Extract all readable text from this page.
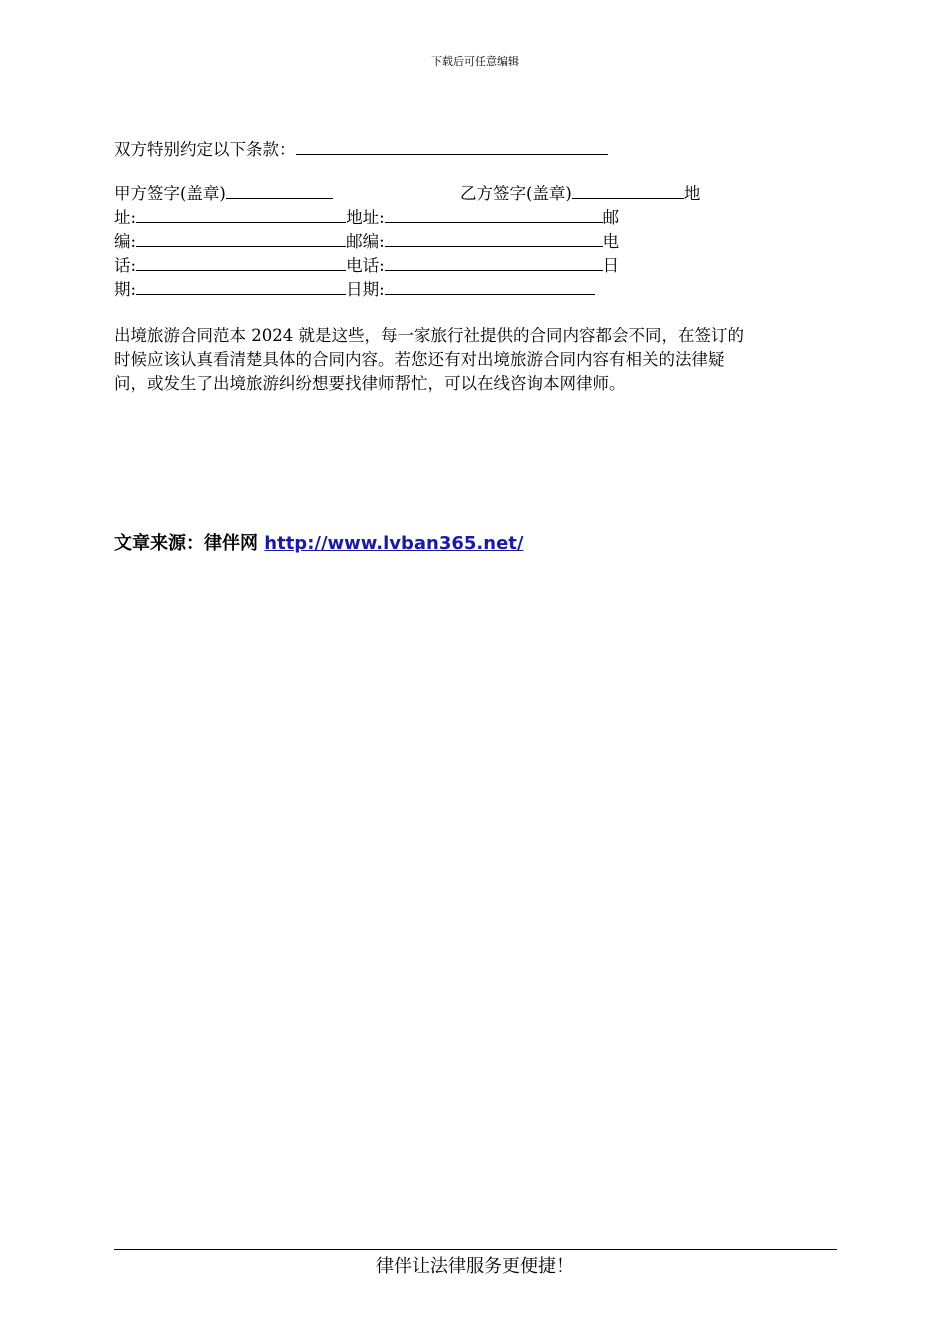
下载后可任意编辑
双方特别约定以下条款：
甲方签字(盖章)	乙方签字(盖章)	地
址:	地址:	邮
编:	邮编:	电
话:	电话:	日
期:	日期:
出境旅游合同范本 2024 就是这些，每一家旅行社提供的合同内容都会不同，在签订的
时候应该认真看清楚具体的合同内容。若您还有对出境旅游合同内容有相关的法律疑
问，或发生了出境旅游纠纷想要找律师帮忙，可以在线咨询本网律师。
文章来源：律伴网 http://www.lvban365.net/
律伴让法律服务更便捷！
